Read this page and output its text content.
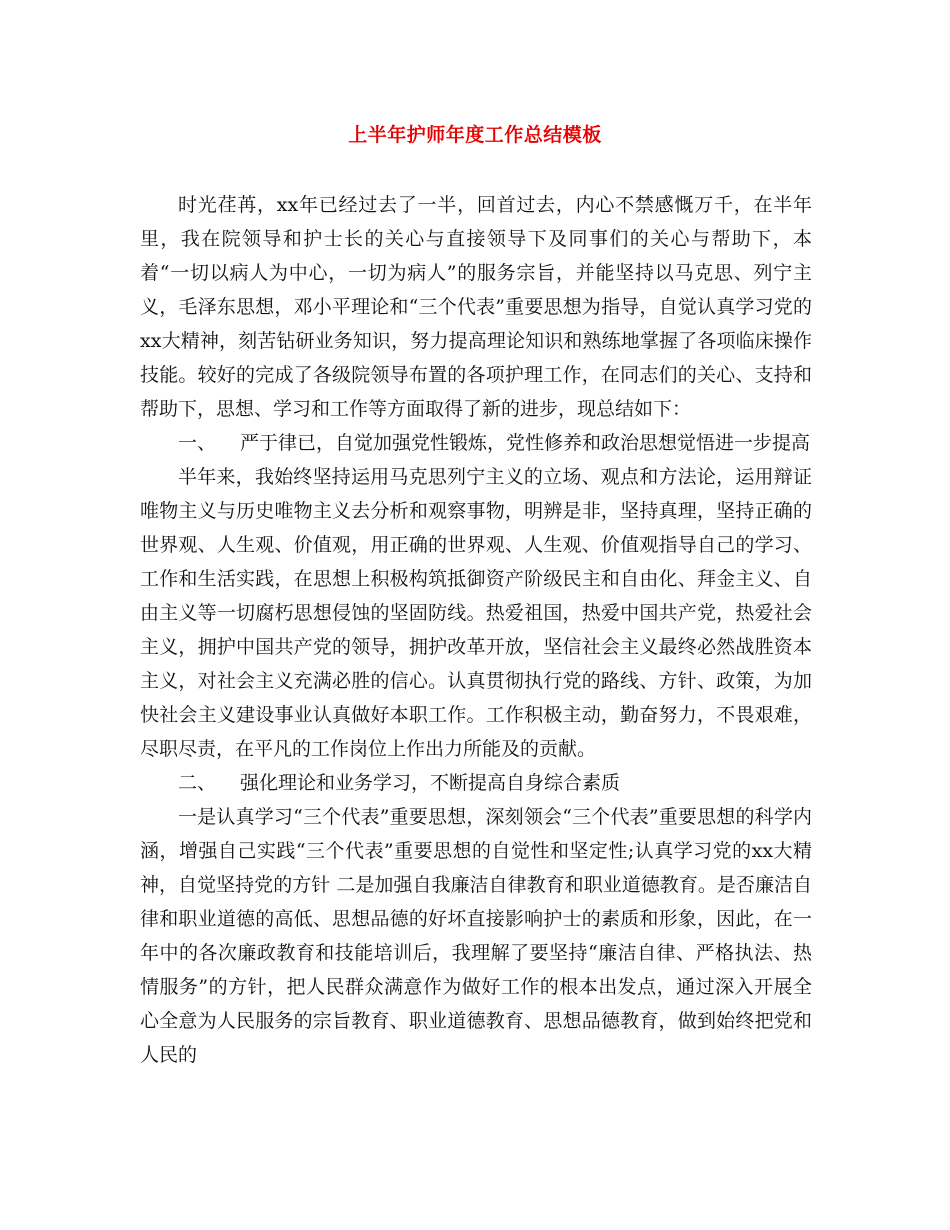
上半年护师年度工作总结模板

时光荏苒，xx年已经过去了一半，回首过去，内心不禁感慨万千，在半年里，我在院领导和护士长的关心与直接领导下及同事们的关心与帮助下，本着“一切以病人为中心，一切为病人”的服务宗旨，并能坚持以马克思、列宁主义，毛泽东思想，邓小平理论和“三个代表”重要思想为指导，自觉认真学习党的xx大精神，刻苦钻研业务知识，努力提高理论知识和熟练地掌握了各项临床操作技能。较好的完成了各级院领导布置的各项护理工作，在同志们的关心、支持和帮助下，思想、学习和工作等方面取得了新的进步，现总结如下：

一、 严于律已，自觉加强党性锻炼，党性修养和政治思想觉悟进一步提高

半年来，我始终坚持运用马克思列宁主义的立场、观点和方法论，运用辩证唯物主义与历史唯物主义去分析和观察事物，明辨是非，坚持真理，坚持正确的世界观、人生观、价值观，用正确的世界观、人生观、价值观指导自己的学习、工作和生活实践，在思想上积极构筑抵御资产阶级民主和自由化、拜金主义、自由主义等一切腐朽思想侵蚀的坚固防线。热爱祖国，热爱中国共产党，热爱社会主义，拥护中国共产党的领导，拥护改革开放，坚信社会主义最终必然战胜资本主义，对社会主义充满必胜的信心。认真贯彻执行党的路线、方针、政策，为加快社会主义建设事业认真做好本职工作。工作积极主动，勤奋努力，不畏艰难，尽职尽责，在平凡的工作岗位上作出力所能及的贡献。

二、 强化理论和业务学习，不断提高自身综合素质

一是认真学习“三个代表”重要思想，深刻领会“三个代表”重要思想的科学内涵，增强自己实践“三个代表”重要思想的自觉性和坚定性;认真学习党的xx大精神，自觉坚持党的方针 二是加强自我廉洁自律教育和职业道德教育。是否廉洁自律和职业道德的高低、思想品德的好坏直接影响护士的素质和形象，因此，在一年中的各次廉政教育和技能培训后，我理解了要坚持“廉洁自律、严格执法、热情服务”的方针，把人民群众满意作为做好工作的根本出发点，通过深入开展全心全意为人民服务的宗旨教育、职业道德教育、思想品德教育，做到始终把党和人民的
